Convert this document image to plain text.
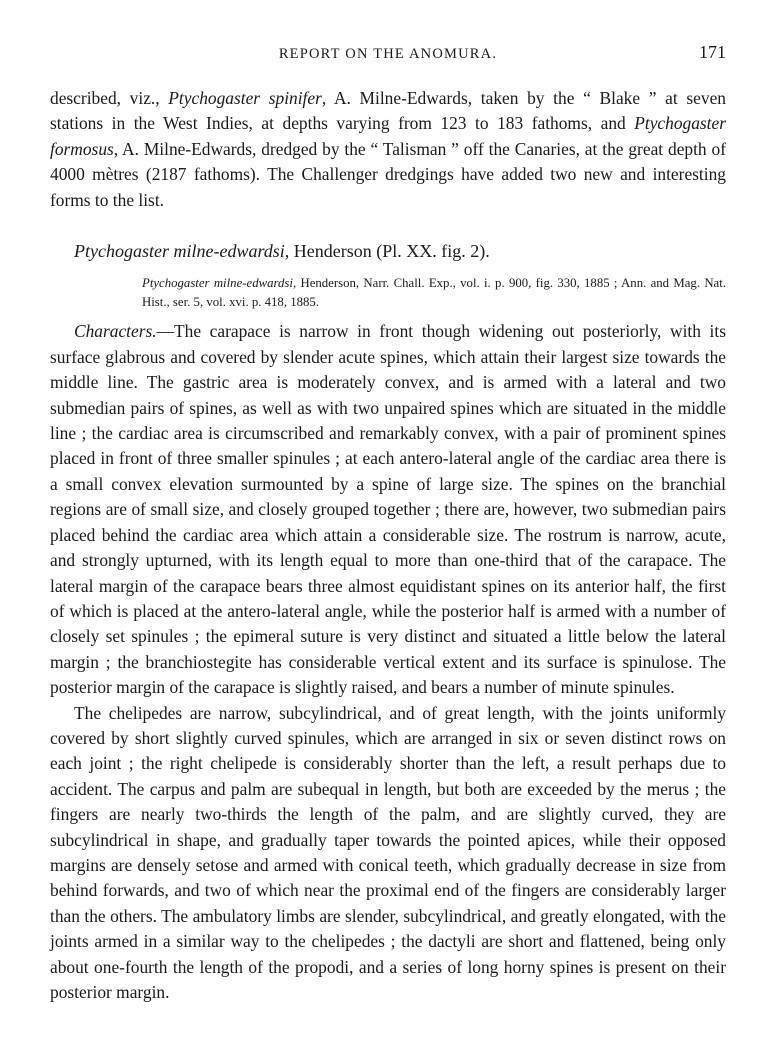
REPORT ON THE ANOMURA.	171

described, viz., Ptychogaster spinifer, A. Milne-Edwards, taken by the “ Blake ” at seven stations in the West Indies, at depths varying from 123 to 183 fathoms, and Ptychogaster formosus, A. Milne-Edwards, dredged by the “ Talisman ” off the Canaries, at the great depth of 4000 mètres (2187 fathoms). The Challenger dredgings have added two new and interesting forms to the list.

Ptychogaster milne-edwardsi, Henderson (Pl. XX. fig. 2).

Ptychogaster milne-edwardsi, Henderson, Narr. Chall. Exp., vol. i. p. 900, fig. 330, 1885 ; Ann. and Mag. Nat. Hist., ser. 5, vol. xvi. p. 418, 1885.

Characters.—The carapace is narrow in front though widening out posteriorly, with its surface glabrous and covered by slender acute spines, which attain their largest size towards the middle line. The gastric area is moderately convex, and is armed with a lateral and two submedian pairs of spines, as well as with two unpaired spines which are situated in the middle line ; the cardiac area is circumscribed and remarkably convex, with a pair of prominent spines placed in front of three smaller spinules ; at each antero-lateral angle of the cardiac area there is a small convex elevation surmounted by a spine of large size. The spines on the branchial regions are of small size, and closely grouped together ; there are, however, two submedian pairs placed behind the cardiac area which attain a considerable size. The rostrum is narrow, acute, and strongly upturned, with its length equal to more than one-third that of the carapace. The lateral margin of the carapace bears three almost equidistant spines on its anterior half, the first of which is placed at the antero-lateral angle, while the posterior half is armed with a number of closely set spinules ; the epimeral suture is very distinct and situated a little below the lateral margin ; the branchiostegite has considerable vertical extent and its surface is spinulose. The posterior margin of the carapace is slightly raised, and bears a number of minute spinules.

The chelipedes are narrow, subcylindrical, and of great length, with the joints uniformly covered by short slightly curved spinules, which are arranged in six or seven distinct rows on each joint ; the right chelipede is considerably shorter than the left, a result perhaps due to accident. The carpus and palm are subequal in length, but both are exceeded by the merus ; the fingers are nearly two-thirds the length of the palm, and are slightly curved, they are subcylindrical in shape, and gradually taper towards the pointed apices, while their opposed margins are densely setose and armed with conical teeth, which gradually decrease in size from behind forwards, and two of which near the proximal end of the fingers are considerably larger than the others. The ambulatory limbs are slender, subcylindrical, and greatly elongated, with the joints armed in a similar way to the chelipedes ; the dactyli are short and flattened, being only about one-fourth the length of the propodi, and a series of long horny spines is present on their posterior margin.
